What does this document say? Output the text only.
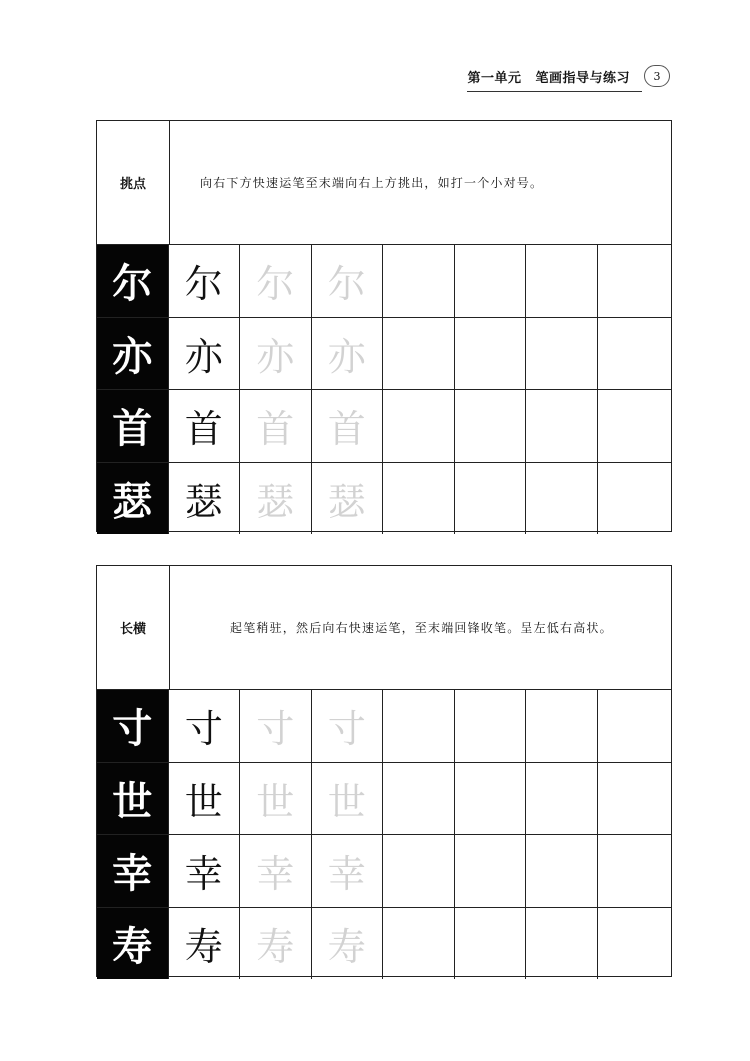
第一单元 笔画指导与练习	3
挑点	向右下方快速运笔至末端向右上方挑出，如打一个小对号。
尔 尔 尔 尔
亦 亦 亦 亦
首 首 首 首
瑟 瑟 瑟 瑟
长横	起笔稍驻，然后向右快速运笔，至末端回锋收笔。呈左低右高状。
寸 寸 寸 寸
世 世 世 世
幸 幸 幸 幸
寿 寿 寿 寿
